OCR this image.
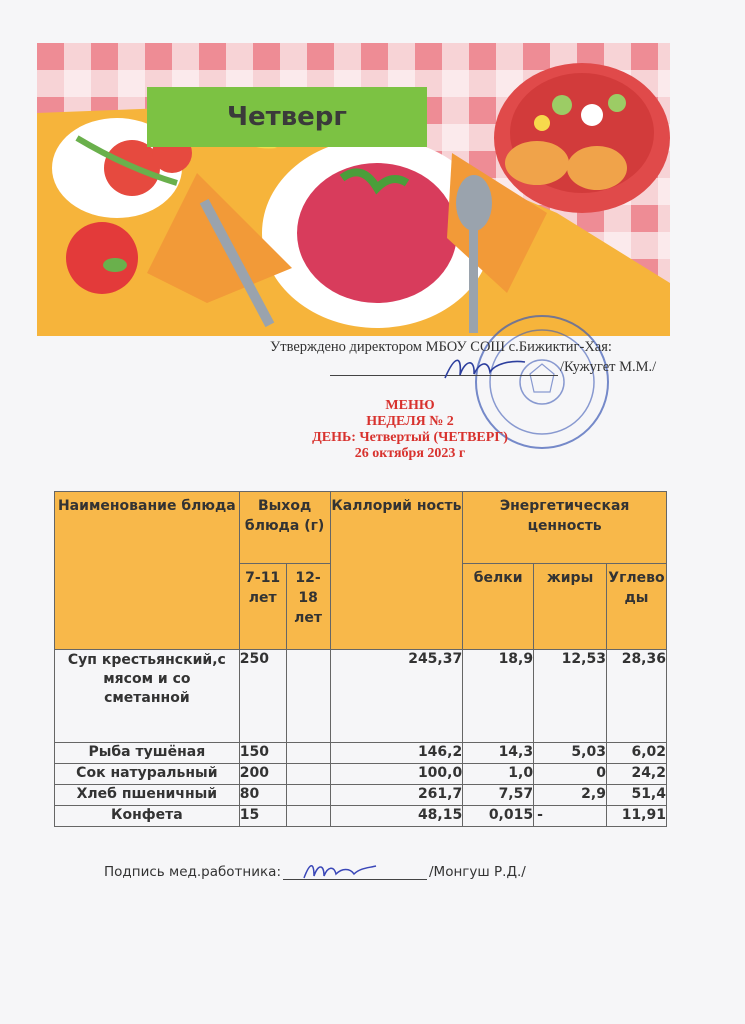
Четверг
Утверждено директором МБОУ СОШ с.Бижиктиг-Хая:
/Кужугет М.М./
МЕНЮ
НЕДЕЛЯ № 2
ДЕНЬ: Четвертый (ЧЕТВЕРГ)
26 октября 2023 г
Наименование блюда	Выход блюда (г)		Каллорий ность	Энергетическая ценность		
	7-11 лет	12-18 лет		белки	жиры	Углево ды
Суп крестьянский,с мясом и со сметанной	250		245,37	18,9	12,53	28,36
Рыба тушёная	150		146,2	14,3	5,03	6,02
Сок натуральный	200		100,0	1,0	0	24,2
Хлеб пшеничный	80		261,7	7,57	2,9	51,4
Конфета	15		48,15	0,015	-	11,91
Подпись мед.работника:	/Монгуш Р.Д./
